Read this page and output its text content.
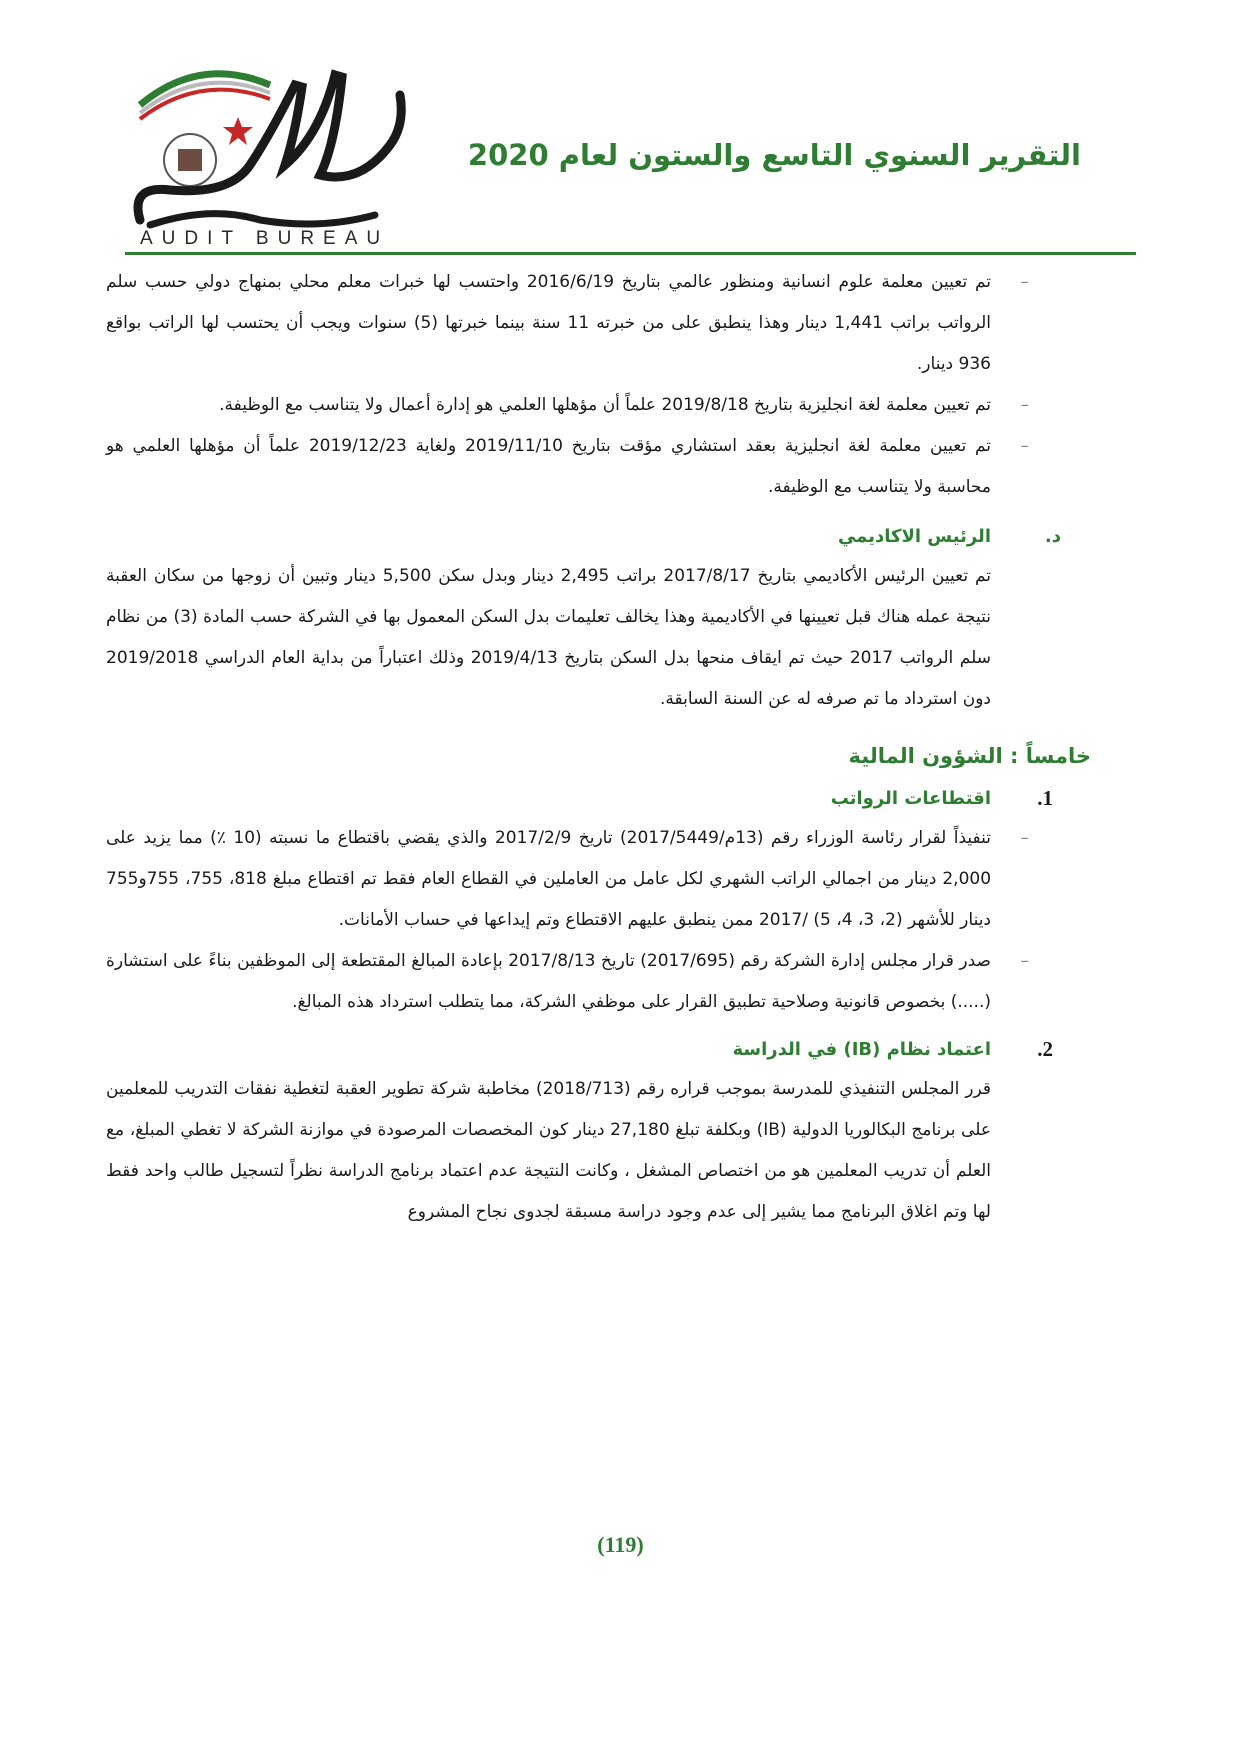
AUDIT BUREAU
التقرير السنوي التاسع والستون لعام 2020
–
تم تعيين معلمة علوم انسانية ومنظور عالمي بتاريخ 2016/6/19 واحتسب لها خبرات معلم محلي بمنهاج دولي حسب سلم الرواتب براتب 1,441 دينار وهذا ينطبق على من خبرته 11 سنة بينما خبرتها (5) سنوات ويجب أن يحتسب لها الراتب بواقع 936 دينار.
–
تم تعيين معلمة لغة انجليزية بتاريخ 2019/8/18 علماً أن مؤهلها العلمي هو إدارة أعمال ولا يتناسب مع الوظيفة.
–
تم تعيين معلمة لغة انجليزية بعقد استشاري مؤقت بتاريخ 2019/11/10 ولغاية 2019/12/23 علماً أن مؤهلها العلمي هو محاسبة ولا يتناسب مع الوظيفة.
د.
الرئيس الاكاديمي

تم تعيين الرئيس الأكاديمي بتاريخ 2017/8/17 براتب 2,495 دينار وبدل سكن 5,500 دينار وتبين أن زوجها من سكان العقبة نتيجة عمله هناك قبل تعيينها في الأكاديمية وهذا يخالف تعليمات بدل السكن المعمول بها في الشركة حسب المادة (3) من نظام سلم الرواتب 2017 حيث تم ايقاف منحها بدل السكن بتاريخ 2019/4/13 وذلك اعتباراً من بداية العام الدراسي 2019/2018 دون استرداد ما تم صرفه له عن السنة السابقة.

خامساً : الشؤون المالية
1.
اقتطاعات الرواتب
–
تنفيذاً لقرار رئاسة الوزراء رقم (13م/2017/5449) تاريخ 2017/2/9 والذي يقضي باقتطاع ما نسبته (10 ٪) مما يزيد على 2,000 دينار من اجمالي الراتب الشهري لكل عامل من العاملين في القطاع العام فقط تم اقتطاع مبلغ 818، 755، 755و755 دينار للأشهر (2، 3، 4، 5) /2017 ممن ينطبق عليهم الاقتطاع وتم إيداعها في حساب الأمانات.
–
صدر قرار مجلس إدارة الشركة رقم (2017/695) تاريخ 2017/8/13 بإعادة المبالغ المقتطعة إلى الموظفين بناءً على استشارة (.....) بخصوص قانونية وصلاحية تطبيق القرار على موظفي الشركة، مما يتطلب استرداد هذه المبالغ.
2.
اعتماد نظام (IB) في الدراسة

قرر المجلس التنفيذي للمدرسة بموجب قراره رقم (2018/713) مخاطبة شركة تطوير العقبة لتغطية نفقات التدريب للمعلمين على برنامج البكالوريا الدولية (IB) وبكلفة تبلغ 27,180 دينار كون المخصصات المرصودة في موازنة الشركة لا تغطي المبلغ، مع العلم أن تدريب المعلمين هو من اختصاص المشغل ، وكانت النتيجة عدم اعتماد برنامج الدراسة نظراً لتسجيل طالب واحد فقط لها وتم اغلاق البرنامج مما يشير إلى عدم وجود دراسة مسبقة لجدوى نجاح المشروع

(119)
